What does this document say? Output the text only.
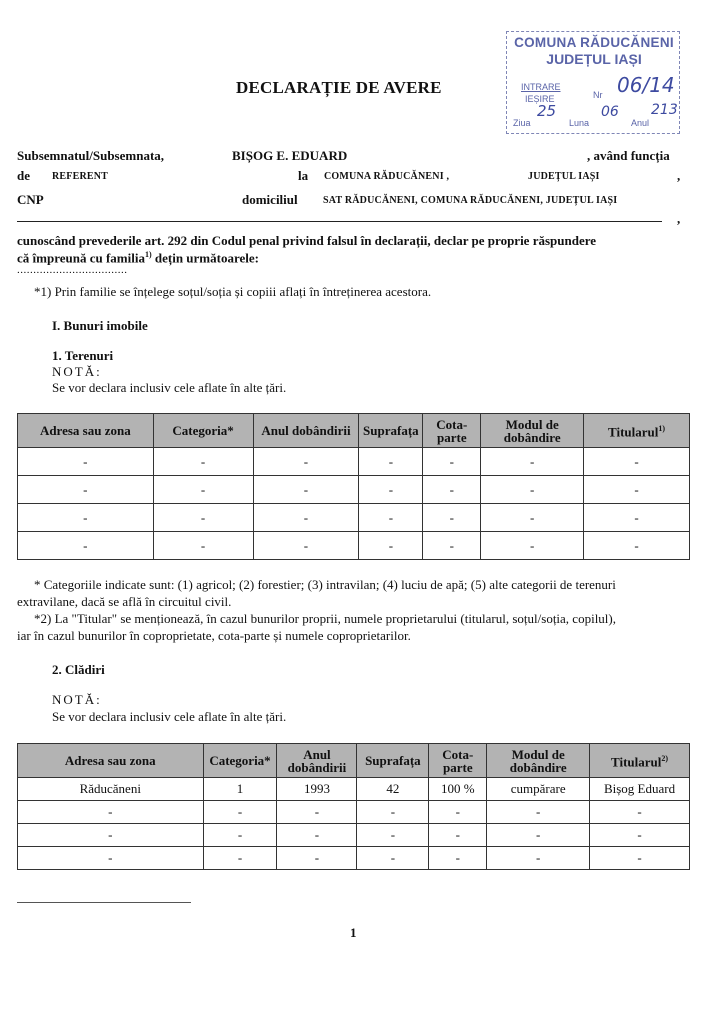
DECLARAȚIE DE AVERE
COMUNA RĂDUCĂNENI
JUDEȚUL IAȘI
INTRARE
IEȘIRE	Nr
Ziua	Luna	Anul
06/14
25	06 213
Subsemnatul/Subsemnata,	BIȘOG E. EDUARD	, având funcția
de REFERENT	la COMUNA RĂDUCĂNENI ,	JUDEȚUL IAȘI	,
CNP	domiciliul	SAT RĂDUCĂNENI, COMUNA RĂDUCĂNENI, JUDEȚUL IAȘI
,
cunoscând prevederile art. 292 din Codul penal privind falsul în declarații, declar pe proprie răspundere
că împreună cu familia$^{1)}$ dețin următoarele:
..................................
*1) Prin familie se înțelege soțul/soția și copiii aflați în întreținerea acestora.
I. Bunuri imobile
1. Terenuri
NOTĂ:
Se vor declara inclusiv cele aflate în alte țări.
Adresa sau zona	Categoria*	Anul dobândirii	Suprafața	Cota-parte	Modul de dobândire	Titularul$^{1)}$
-	-	-	-	-	-	-
-	-	-	-	-	-	-
-	-	-	-	-	-	-
-	-	-	-	-	-	-
* Categoriile indicate sunt: (1) agricol; (2) forestier; (3) intravilan; (4) luciu de apă; (5) alte categorii de terenuri
extravilane, dacă se află în circuitul civil.
*2) La "Titular" se menționează, în cazul bunurilor proprii, numele proprietarului (titularul, soțul/soția, copilul),
iar în cazul bunurilor în coproprietate, cota-parte și numele coproprietarilor.
2. Clădiri
NOTĂ:
Se vor declara inclusiv cele aflate în alte țări.
Adresa sau zona	Categoria*	Anul dobândirii	Suprafața	Cota-parte	Modul de dobândire	Titularul$^{2)}$
Răducăneni	1	1993	42	100 %	cumpărare	Bișog Eduard
-	-	-	-	-	-	-
-	-	-	-	-	-	-
-	-	-	-	-	-	-
1
